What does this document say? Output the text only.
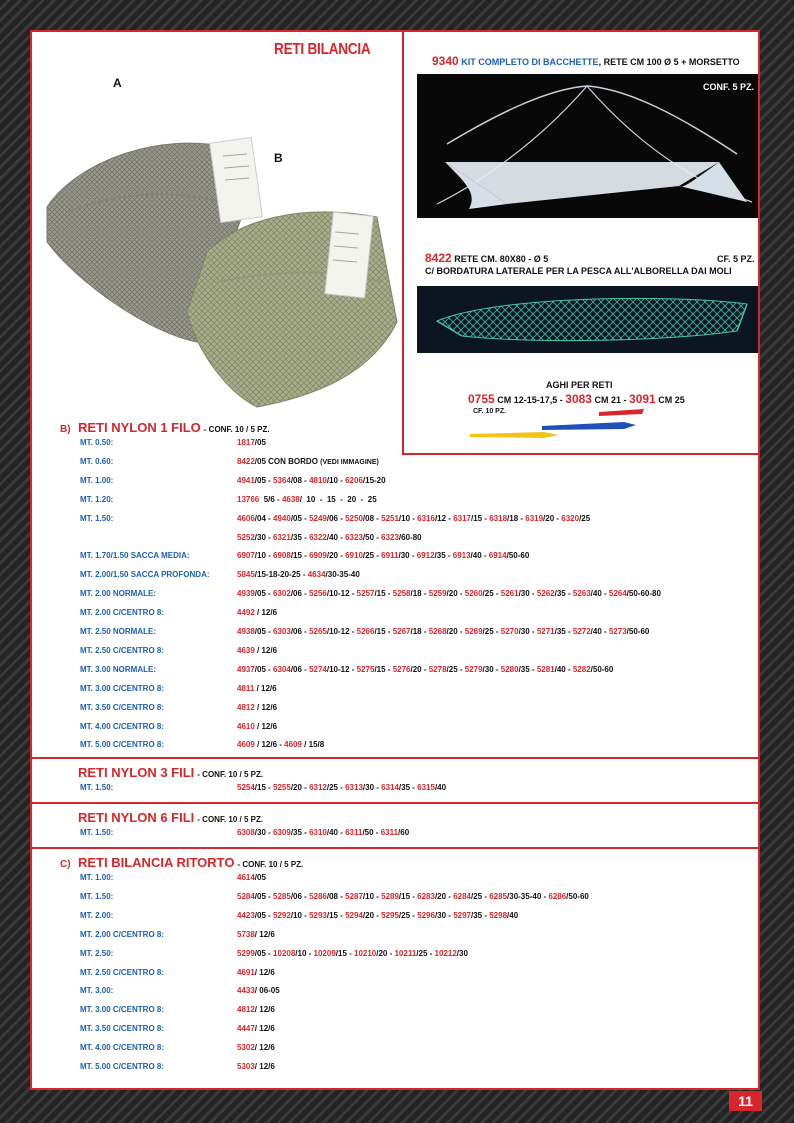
RETI BILANCIA
A
B
9340 KIT COMPLETO DI BACCHETTE, RETE CM 100 Ø 5 + MORSETTO
CONF. 5 PZ.
8422 RETE CM. 80X80 - Ø 5	CF. 5 PZ.
C/ BORDATURA LATERALE PER LA PESCA ALL'ALBORELLA DAI MOLI
AGHI PER RETI
0755 CM 12-15-17,5 - 3083 CM 21 - 3091 CM 25
CF. 10 PZ.
B) RETI NYLON 1 FILO - CONF. 10 / 5 PZ.
MT. 0.50:	1817/05
MT. 0.60:	8422/05 CON BORDO (VEDI IMMAGINE)
MT. 1.00:	4941/05 - 5364/08 - 4810/10 - 6206/15-20
MT. 1.20:	13766  5/6 - 4638/  10  -  15  -  20  -  25
MT. 1.50:	4606/04 - 4940/05 - 5249/06 - 5250/08 - 5251/10 - 6316/12 - 6317/15 - 6318/18 - 6319/20 - 6320/25
5252/30 - 6321/35 - 6322/40 - 6323/50 - 6323/60-80
MT. 1.70/1.50 SACCA MEDIA:	6907/10 - 6908/15 - 6909/20 - 6910/25 - 6911/30 - 6912/35 - 6913/40 - 6914/50-60
MT. 2.00/1.50 SACCA PROFONDA:	5845/15-18-20-25 - 4634/30-35-40
MT. 2.00 NORMALE:	4939/05 - 6302/06 - 5256/10-12 - 5257/15 - 5258/18 - 5259/20 - 5260/25 - 5261/30 - 5262/35 - 5263/40 - 5264/50-60-80
MT. 2.00 C/CENTRO 8:	4492 / 12/6
MT. 2.50 NORMALE:	4938/05 - 6303/06 - 5265/10-12 - 5266/15 - 5267/18 - 5268/20 - 5269/25 - 5270/30 - 5271/35 - 5272/40 - 5273/50-60
MT. 2.50 C/CENTRO 8:	4639 / 12/6
MT. 3.00 NORMALE:	4937/05 - 6304/06 - 5274/10-12 - 5275/15 - 5276/20 - 5278/25 - 5279/30 - 5280/35 - 5281/40 - 5282/50-60
MT. 3.00 C/CENTRO 8:	4811 / 12/6
MT. 3.50 C/CENTRO 8:	4812 / 12/6
MT. 4.00 C/CENTRO 8:	4610 / 12/6
MT. 5.00 C/CENTRO 8:	4609 / 12/6 - 4609 / 15/8
RETI NYLON 3 FILI - CONF. 10 / 5 PZ.
MT. 1.50:	5254/15 - 5255/20 - 6312/25 - 6313/30 - 6314/35 - 6315/40
RETI NYLON 6 FILI - CONF. 10 / 5 PZ.
MT. 1.50:	6308/30 - 6309/35 - 6310/40 - 6311/50 - 6311/60
C) RETI BILANCIA RITORTO - CONF. 10 / 5 PZ.
MT. 1.00:	4614/05
MT. 1.50:	5284/05 - 5285/06 - 5286/08 - 5287/10 - 5289/15 - 6283/20 - 6284/25 - 6285/30-35-40 - 6286/50-60
MT. 2.00:	4423/05 - 5292/10 - 5293/15 - 5294/20 - 5295/25 - 5296/30 - 5297/35 - 5298/40
MT. 2.00 C/CENTRO 8:	5738/ 12/6
MT. 2.50:	5299/05 - 10208/10 - 10209/15 - 10210/20 - 10211/25 - 10212/30
MT. 2.50 C/CENTRO 8:	4691/ 12/6
MT. 3.00:	4433/ 06-05
MT. 3.00 C/CENTRO 8:	4812/ 12/6
MT. 3.50 C/CENTRO 8:	4447/ 12/6
MT. 4.00 C/CENTRO 8:	5302/ 12/6
MT. 5.00 C/CENTRO 8:	5303/ 12/6
11
